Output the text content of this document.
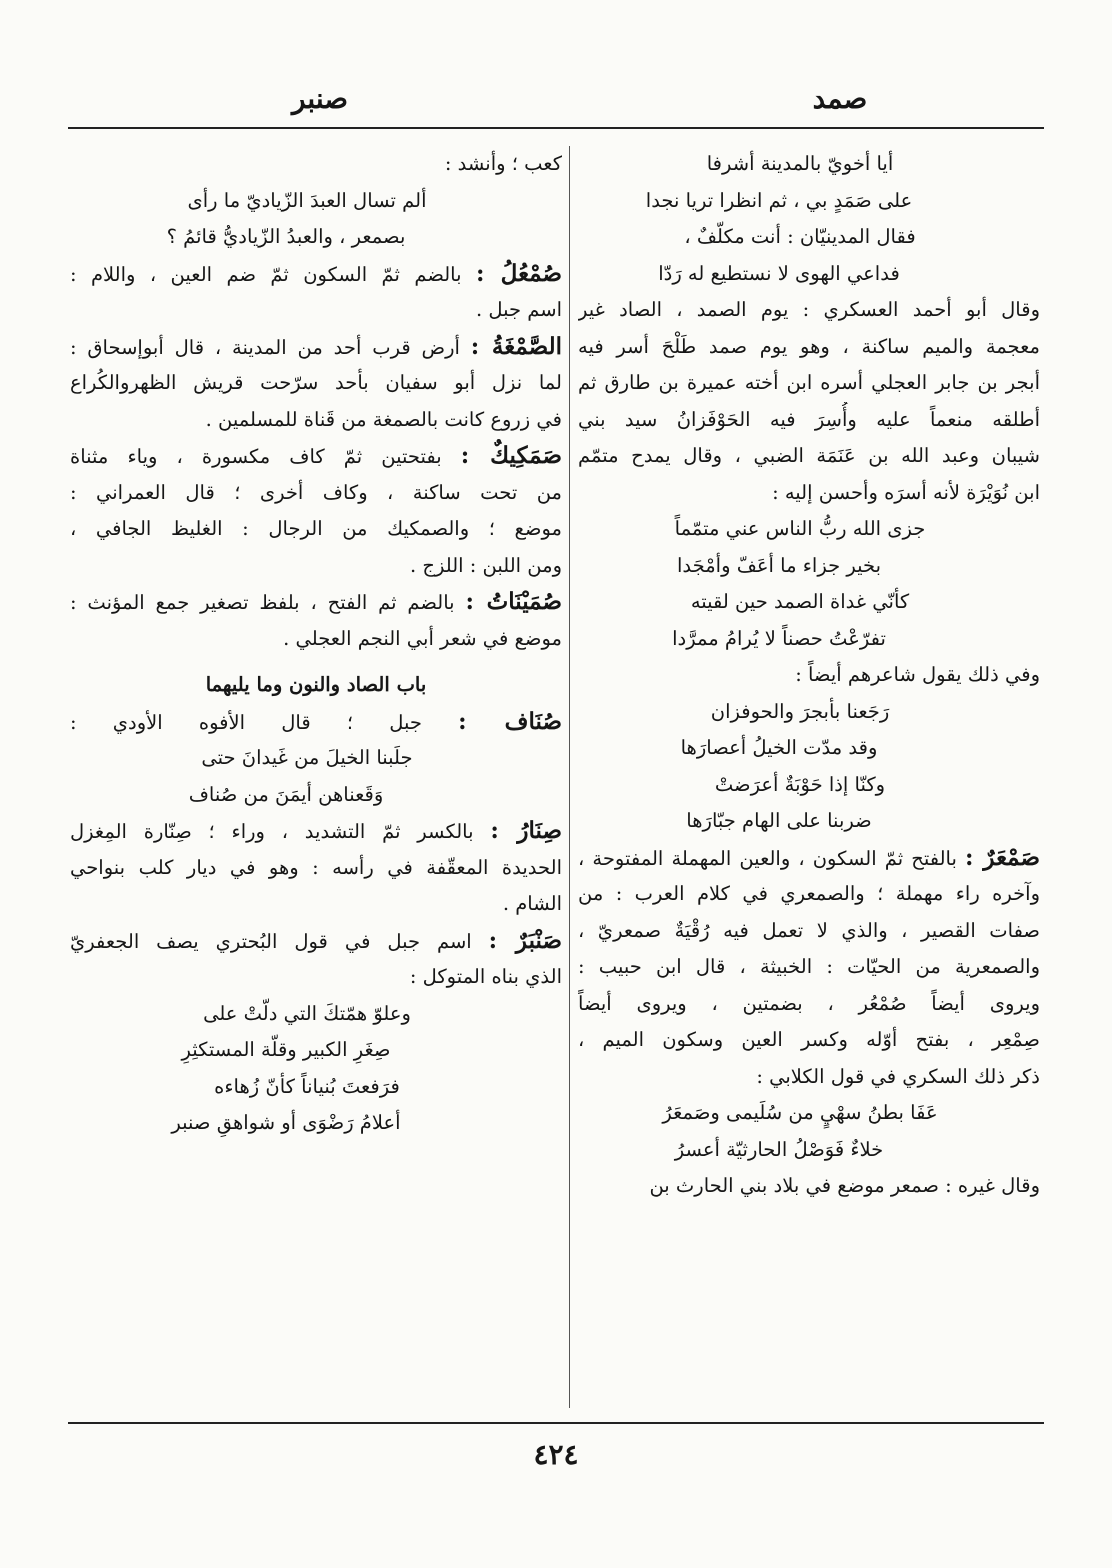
صمد
صنبر
أيا أخويّ بالمدينة أشرفا
على صَمَدٍ بي ، ثم انظرا تريا نجدا
فقال المدينيّان : أنت مكلّفٌ ،
فداعي الهوى لا نستطيع له رَدّا
وقال أبو أحمد العسكري : يوم الصمد ، الصاد غير
معجمة والميم ساكنة ، وهو يوم صمد طَلْحَ أسر فيه
أبجر بن جابر العجلي أسره ابن أخته عميرة بن طارق ثم
أطلقه منعماً عليه وأُسِرَ فيه الحَوْفَزانُ سيد بني
شيبان وعبد الله بن عَنَمَة الضبي ، وقال يمدح متمّم
ابن نُوَيْرَة لأنه أسرَه وأحسن إليه :
جزى الله ربُّ الناس عني متمّماً
بخير جزاء ما أعَفّ وأمْجَدا
كأنّي غداة الصمد حين لقيته
تفرّعْتُ حصناً لا يُرامُ ممرَّدا
وفي ذلك يقول شاعرهم أيضاً :
رَجَعنا بأبجرَ والحوفزان
وقد مدّت الخيلُ أعصارَها
وكنّا إذا حَوْبَةٌ أعرَضتْ
ضربنا على الهام جبّارَها
صَمْعَرٌ : بالفتح ثمّ السكون ، والعين المهملة المفتوحة ،
وآخره راء مهملة ؛ والصمعري في كلام العرب : من
صفات القصير ، والذي لا تعمل فيه رُقْيَةٌ صمعريّ ،
والصمعرية من الحيّات : الخبيثة ، قال ابن حبيب :
ويروى أيضاً صُمْعُر ، بضمتين ، ويروى أيضاً
صِمْعِر ، بفتح أوّله وكسر العين وسكون الميم ،
ذكر ذلك السكري في قول الكلابي :
عَفَا بطنُ سهْيٍ من سُلَيمى وصَمعَرُ
خلاءٌ فَوَصْلُ الحارثيّة أعسرُ
وقال غيره : صمعر موضع في بلاد بني الحارث بن
كعب ؛ وأنشد :
ألم تسال العبدَ الزّياديّ ما رأى
بصمعر ، والعبدُ الزّياديُّ قائمُ ؟
صُمْعُلُ : بالضم ثمّ السكون ثمّ ضم العين ، واللام :
اسم جبل .
الصَّمْغَةُ : أرض قرب أحد من المدينة ، قال أبوإسحاق :
لما نزل أبو سفيان بأحد سرّحت قريش الظهروالكُراع
في زروع كانت بالصمغة من قَناة للمسلمين .
صَمَكِيكٌ : بفتحتين ثمّ كاف مكسورة ، وياء مثناة
من تحت ساكنة ، وكاف أخرى ؛ قال العمراني :
موضع ؛ والصمكيك من الرجال : الغليظ الجافي ،
ومن اللبن : اللزج .
صُمَيْنَاتُ : بالضم ثم الفتح ، بلفظ تصغير جمع المؤنث :
موضع في شعر أبي النجم العجلي .
باب الصاد والنون وما يليهما
صُنَاف : جبل ؛ قال الأفوه الأودي :
جلَبنا الخيلَ من غَيدانَ حتى
وَقَعناهن أيمَنَ من صُناف
صِنَارُ : بالكسر ثمّ التشديد ، وراء ؛ صِنّارة المِغزل
الحديدة المعقّفة في رأسه : وهو في ديار كلب بنواحي
الشام .
صَنْبَرٌ : اسم جبل في قول البُحتري يصف الجعفريّ
الذي بناه المتوكل :
وعلوّ همّتكَ التي دلّتْ على
صِغَرِ الكبير وقلّة المستكثِرِ
فرَفعتَ بُنياناً كأنّ زُهاءه
أعلامُ رَضْوَى أو شواهقِ صنبر
٤٢٤
